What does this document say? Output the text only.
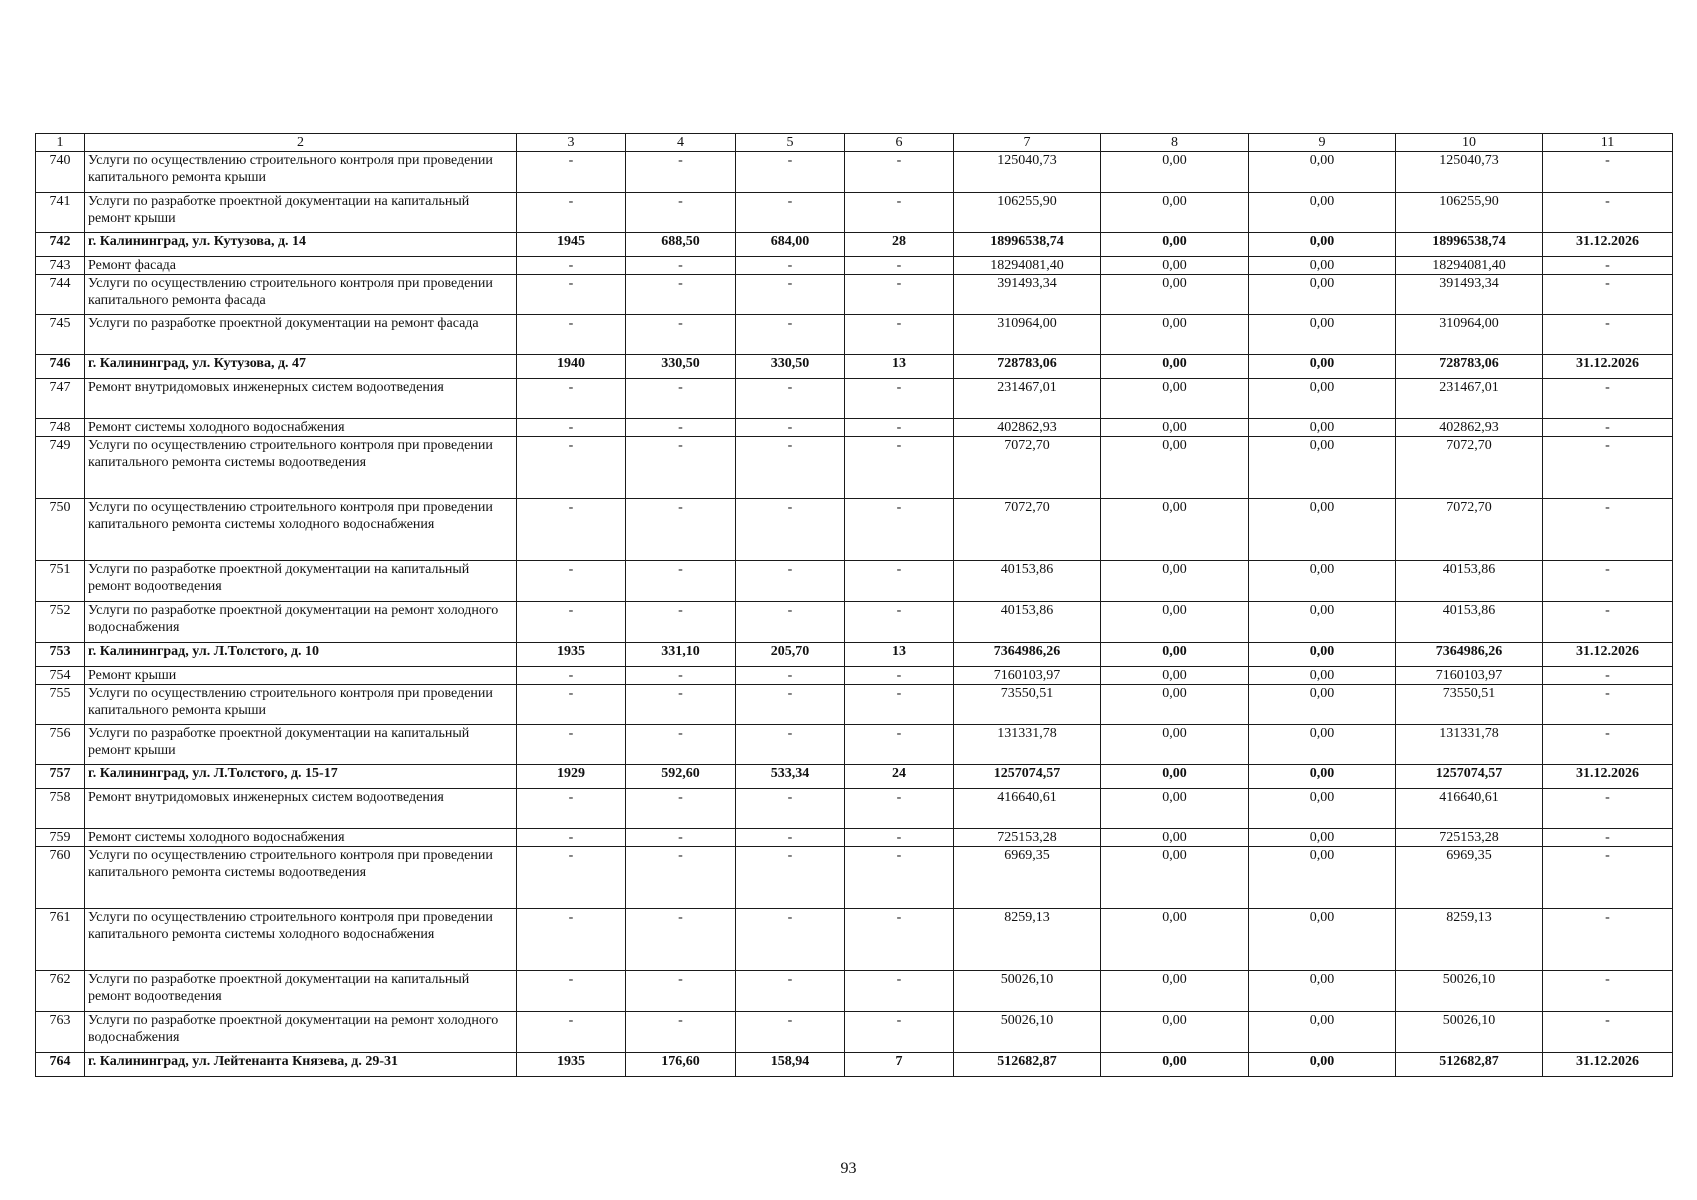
1	2	3	4	5	6	7	8	9	10	11
740	Услуги по осуществлению строительного контроля при проведении капитального ремонта крыши	-	-	-	-	125040,73	0,00	0,00	125040,73	-
741	Услуги по разработке проектной документации на капитальный ремонт крыши	-	-	-	-	106255,90	0,00	0,00	106255,90	-
742	г. Калининград, ул. Кутузова, д. 14	1945	688,50	684,00	28	18996538,74	0,00	0,00	18996538,74	31.12.2026
743	Ремонт фасада	-	-	-	-	18294081,40	0,00	0,00	18294081,40	-
744	Услуги по осуществлению строительного контроля при проведении капитального ремонта фасада	-	-	-	-	391493,34	0,00	0,00	391493,34	-
745	Услуги по разработке проектной документации на ремонт фасада	-	-	-	-	310964,00	0,00	0,00	310964,00	-
746	г. Калининград, ул. Кутузова, д. 47	1940	330,50	330,50	13	728783,06	0,00	0,00	728783,06	31.12.2026
747	Ремонт внутридомовых инженерных систем водоотведения	-	-	-	-	231467,01	0,00	0,00	231467,01	-
748	Ремонт системы холодного водоснабжения	-	-	-	-	402862,93	0,00	0,00	402862,93	-
749	Услуги по осуществлению строительного контроля при проведении капитального ремонта системы водоотведения	-	-	-	-	7072,70	0,00	0,00	7072,70	-
750	Услуги по осуществлению строительного контроля при проведении капитального ремонта системы холодного водоснабжения	-	-	-	-	7072,70	0,00	0,00	7072,70	-
751	Услуги по разработке проектной документации на капитальный ремонт водоотведения	-	-	-	-	40153,86	0,00	0,00	40153,86	-
752	Услуги по разработке проектной документации на ремонт холодного водоснабжения	-	-	-	-	40153,86	0,00	0,00	40153,86	-
753	г. Калининград, ул. Л.Толстого, д. 10	1935	331,10	205,70	13	7364986,26	0,00	0,00	7364986,26	31.12.2026
754	Ремонт крыши	-	-	-	-	7160103,97	0,00	0,00	7160103,97	-
755	Услуги по осуществлению строительного контроля при проведении капитального ремонта крыши	-	-	-	-	73550,51	0,00	0,00	73550,51	-
756	Услуги по разработке проектной документации на капитальный ремонт крыши	-	-	-	-	131331,78	0,00	0,00	131331,78	-
757	г. Калининград, ул. Л.Толстого, д. 15-17	1929	592,60	533,34	24	1257074,57	0,00	0,00	1257074,57	31.12.2026
758	Ремонт внутридомовых инженерных систем водоотведения	-	-	-	-	416640,61	0,00	0,00	416640,61	-
759	Ремонт системы холодного водоснабжения	-	-	-	-	725153,28	0,00	0,00	725153,28	-
760	Услуги по осуществлению строительного контроля при проведении капитального ремонта системы водоотведения	-	-	-	-	6969,35	0,00	0,00	6969,35	-
761	Услуги по осуществлению строительного контроля при проведении капитального ремонта системы холодного водоснабжения	-	-	-	-	8259,13	0,00	0,00	8259,13	-
762	Услуги по разработке проектной документации на капитальный ремонт водоотведения	-	-	-	-	50026,10	0,00	0,00	50026,10	-
763	Услуги по разработке проектной документации на ремонт холодного водоснабжения	-	-	-	-	50026,10	0,00	0,00	50026,10	-
764	г. Калининград, ул. Лейтенанта Князева, д. 29-31	1935	176,60	158,94	7	512682,87	0,00	0,00	512682,87	31.12.2026
93
